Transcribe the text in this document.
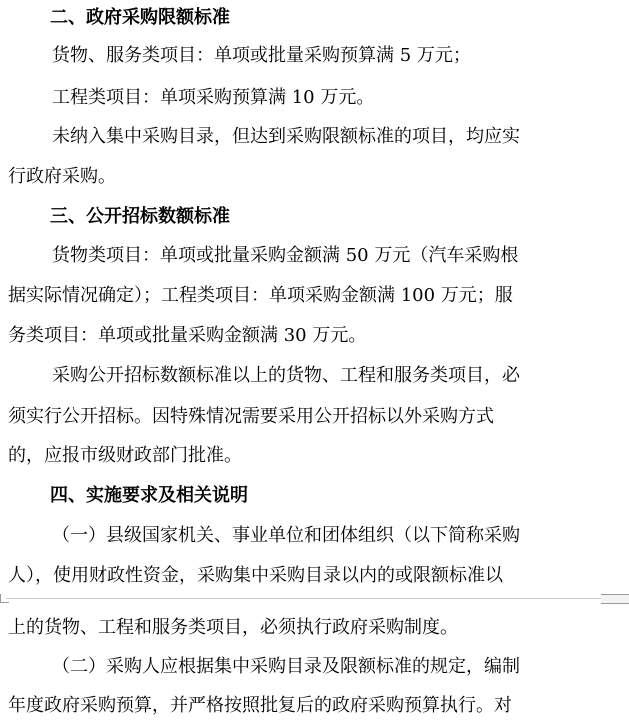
二、政府采购限额标准
货物、服务类项目：单项或批量采购预算满 5 万元；
工程类项目：单项采购预算满 10 万元。
未纳入集中采购目录，但达到采购限额标准的项目，均应实
行政府采购。
三、公开招标数额标准
货物类项目：单项或批量采购金额满 50 万元（汽车采购根
据实际情况确定）；工程类项目：单项采购金额满 100 万元；服
务类项目：单项或批量采购金额满 30 万元。
采购公开招标数额标准以上的货物、工程和服务类项目，必
须实行公开招标。因特殊情况需要采用公开招标以外采购方式
的，应报市级财政部门批准。
四、实施要求及相关说明
（一）县级国家机关、事业单位和团体组织（以下简称采购
人），使用财政性资金，采购集中采购目录以内的或限额标准以
上的货物、工程和服务类项目，必须执行政府采购制度。
（二）采购人应根据集中采购目录及限额标准的规定，编制
年度政府采购预算，并严格按照批复后的政府采购预算执行。对
